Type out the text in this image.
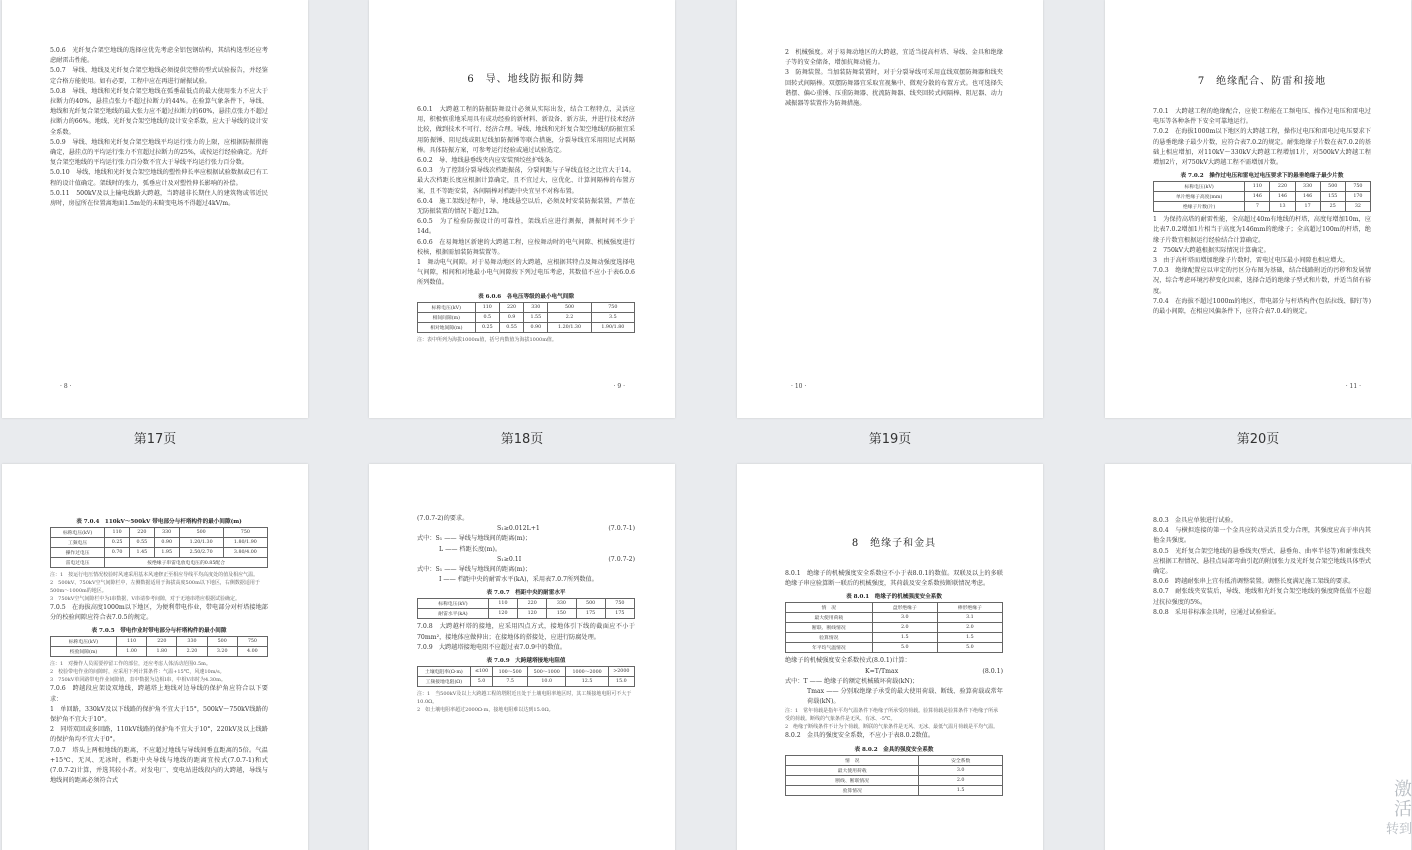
5.0.6　光纤复合架空地线的选择应优先考虑全铝包钢结构，其结构选型还应考虑耐雷击性能。
5.0.7　导线、地线及光纤复合架空地线必须提供完整的型式试验报告，并经鉴定合格方能使用。如有必要，工程中应在再进行耐振试验。
5.0.8　导线、地线和光纤复合架空地线在弧垂最低点的最大使用张力不应大于拉断力的40%，悬挂点张力不超过拉断力的44%。在验算气象条件下，导线、地线和光纤复合架空地线的最大张力应不超过拉断力的60%，悬挂点张力不超过拉断力的66%。地线、光纤复合架空地线的设计安全系数，应大于导线的设计安全系数。
5.0.9　导线、地线和光纤复合架空地线平均运行张力的上限，应根据防振措施确定，悬挂点的平均运行张力不宜超过拉断力的25%，或按运行经验确定。光纤复合架空地线的平均运行张力百分数不宜大于导线平均运行张力百分数。
5.0.10　导线、地线和光纤复合架空地线的塑性伸长率应根据试验数据或已有工程的设计值确定。架线时的张力，弧垂应计及对塑性伸长影响的补偿。
5.0.11　500kV及以上输电线路大跨越，当跨越非长期住人的建筑物或邻近民房时，房屋所在位置离地面1.5m处的未畸变电场不得超过4kV/m。
· 8 ·
第17页
6　导、地线防振和防舞
6.0.1　大跨越工程的防振防舞设计必须从实际出发，结合工程特点，灵活应用，积极慎重地采用具有成功经验的新材料、新设备、新方法，并进行技术经济比较，做到技术不可行、经济合理。导线、地线和光纤复合架空地线的防振宜采用防振锤、阻尼线或阻尼线加防振锤等联合措施，分裂导线宜采用阻尼式间隔棒。具体防振方案，可参考运行经验或通过试验选定。
6.0.2　导、地线悬垂线夹内应安装预绞丝护线条。
6.0.3　为了控制分裂导线次档距振荡，分裂间距与子导线直径之比宜大于14。最大次档距长度应根据计算确定，且不宜过大，应优化、计算间隔棒的布置方案，且不等距安装，各间隔棒对档距中央宜呈不对称布置。
6.0.4　施工架线过程中，导、地线悬空以后，必须及时安装防振装置，严禁在无防振装置的情况下超过12h。
6.0.5　为了检验防振设计的可靠性，架线后应进行测振，测振时间不少于14d。
6.0.6　在易舞地区新建的大跨越工程，应按舞动时的电气间隙、机械强度进行校核，根据需加装防舞装置等。
1　舞动电气间隙。对于易舞动地区的大跨越，应根据其特点及舞动强度选择电气间隙，相间和对地最小电气间隙按下列过电压考虑，其数值不应小于表6.0.6所列数值。
表 6.0.6　各电压等级的最小电气间隙
标称电压(kV)	110	220	330	500	750
相间间隙(m)	0.5	0.9	1.55	2.2	3.5
相对地间隙(m)	0.25	0.55	0.90	1.20/1.30	1.90/1.80
注：表中所列为海拔1000m值，括号内数值为海拔1000m值。
· 9 ·
第18页
2　机械强度。对于易舞动地区的大跨越，宜适当提高杆塔、导线、金具和绝缘子等的安全储备，增加抗舞动能力。
3　防舞装置。当加装防舞装置时，对于分裂导线可采用直线双摆防舞器和线夹回转式间隔棒。双摆防舞器宜采取宜视集中、微观分散的布置方式。也可选择失谐摆、偏心重锤、压重防舞器、扰流防舞器、线夹回转式间隔棒、阻尼器、动力减振器等装置作为防舞措施。
· 10 ·
第19页
7　绝缘配合、防雷和接地
7.0.1　大跨越工程的绝缘配合，应使工程能在工频电压、操作过电压和雷电过电压等各种条件下安全可靠地运行。
7.0.2　在海拔1000m以下地区的大跨越工程，操作过电压和雷电过电压要求下的悬垂绝缘子最少片数，应符合表7.0.2的规定。耐张绝缘子片数在表7.0.2的基础上相应增加，对110kV～330kV大跨越工程增加1片，对500kV大跨越工程增加2片，对750kV大跨越工程不需增加片数。
表 7.0.2　操作过电压和雷电过电压要求下的悬垂绝缘子最少片数
标称电压(kV)	110	220	330	500	750
单片绝缘子高度(mm)	146	146	146	155	170
绝缘子片数(片)	7	13	17	25	32
1　为保持高塔的耐雷性能，全高超过40m有地线的杆塔，高度每增加10m，应比表7.0.2增加1片相当于高度为146mm的绝缘子；全高超过100m的杆塔，绝缘子片数宜根据运行经验结合计算确定。
2　750kV大跨越根据实际情况计算确定。
3　由于高杆塔而增加绝缘子片数时，雷电过电压最小间隙也相应增大。
7.0.3　绝缘配置应以审定的污区分布图为基础，结合线路附近的污秽和发展情况，综合考虑环境污秽变化因素，选择合适的绝缘子型式和片数，并适当留有裕度。
7.0.4　在海拔不超过1000m的地区，带电部分与杆塔构件(包括拉线、脚钉等)的最小间隙，在相应风偏条件下，应符合表7.0.4的规定。
· 11 ·
第20页
表 7.0.4　110kV～500kV 带电部分与杆塔构件的最小间隙(m)
标称电压(kV)	110	220	330	500	750
工频电压	0.25	0.55	0.90	1.20/1.30	1.80/1.90
操作过电压	0.70	1.45	1.95	2.50/2.70	3.80/4.00
雷电过电压	按绝缘子串雷电放电电压的0.85配合				
注：1　按运行电压情况校验时风速采用基本风速修正至相应导线平均高度处的值及相应气温。
2　500kV、750kV空气间隙栏中，左侧数据适用于海拔高度500m以下地区，右侧数据适用于500m～1000m的地区。
3　750kV空气间隙栏中为I串数据，V串请参考间隙，对于无地串塔应根据试验确定。
7.0.5　在海拔高度1000m以下地区，为便利带电作业，带电部分对杆塔接地部分的校验间隙应符合表7.0.5的规定。
表 7.0.5　带电作业时带电部分与杆塔构件的最小间隙
标称电压(kV)	110	220	330	500	750
校验间隙(m)	1.00	1.80	2.20	3.20	4.00
注：1　对操作人员需要停留工作的部位，还应考虑人体活动范围0.5m。
2　校验带电作业的间隙时，应采用下列计算条件：气温+15℃，风速10m/s。
3　750kV单回路带电作业间隙值，表中数据为边相I串，中相V串时为4.30m。
7.0.6　跨越段应架设双地线，跨越塔上地线对边导线的保护角应符合以下要求：
1　单回路，330kV及以下线路的保护角不宜大于15°，500kV～750kV线路的保护角不宜大于10°。
2　同塔双回或多回路，110kV线路的保护角不宜大于10°，220kV及以上线路的保护角均不宜大于0°。
7.0.7　塔头上两根地线的距离，不应超过地线与导线间垂直距离的5倍。气温+15℃、无风、无冰时，档距中央导线与地线的距离宜按式(7.0.7-1)和式(7.0.7-2)计算，并选其较小者。对发电厂、变电站进线段内的大跨越，导线与地线间的距离必须符合式
(7.0.7-2)的要求。
S₁≥0.012L+1	(7.0.7-1)
式中：S₁ —— 导线与地线间的距离(m)；
L —— 档距长度(m)。
S₁≥0.1I	(7.0.7-2)
式中：S₁ —— 导线与地线间的距离(m)；
I —— 档距中央的耐雷水平(kA)，采用表7.0.7所列数值。
表 7.0.7　档距中央的耐雷水平
标称电压(kV)	110	220	330	500	750
耐雷水平(kA)	120	120	150	175	175
7.0.8　大跨越杆塔的接地，应采用四点方式，接地体引下线的截面应不小于70mm²，接地体应做伸出；在接地体的搭接处，应进行防腐处理。
7.0.9　大跨越塔接地电阻不应超过表7.0.9中的数值。
表 7.0.9　大跨越塔接地电阻值
土壤电阻率(Ω·m)	≤100	100～500	500～1000	1000～2000	>2000
工频接地电阻(Ω)	5.0	7.5	10.0	12.5	15.0
注：1　当500kV及以上大跨越工程的塔附近且处于土壤电阻率地区时，其工频接地电阻可不大于10.0Ω。
2　如土壤电阻率超过2000Ω·m，接地电阻难以达到15.0Ω。
8　绝缘子和金具
8.0.1　绝缘子的机械强度安全系数应不小于表8.0.1的数值。双联及以上的多联绝缘子串应验算断一联后的机械强度，其荷载及安全系数按断联情况考虑。
表 8.0.1　绝缘子的机械强度安全系数
情　况	盘形绝缘子	棒形绝缘子
最大使用荷载	3.0	3.1
断联、断线情况	2.0	2.0
验算情况	1.5	1.5
年平均气温情况	5.0	5.0
绝缘子的机械强度安全系数按式(8.0.1)计算：
K=T/Tmax	(8.0.1)
式中：T —— 绝缘子的额定机械破坏荷载(kN)；
Tmax —— 分别取绝缘子承受的最大使用荷载、断线、验算荷载或常年荷载(kN)。
注：1　常年荷载是指年平均气温条件下绝缘子所承受的荷载。验算荷载是验算条件下绝缘子所承受的荷载。断线的气象条件是无风、有冰、-5℃。
2　绝缘子断线条件不计为个荷载，断联的气象条件是无风、无冰、最低气温月荷载是平均气温。
8.0.2　金具的强度安全系数，不应小于表8.0.2数值。
表 8.0.2　金具的强度安全系数
情　况	安全系数
最大使用荷载	3.0
断线、断联情况	2.0
验算情况	1.5
8.0.3　金具应单独进行试验。
8.0.4　与横担连接的第一个金具应转动灵活且受力合理，其强度应高于串内其他金具强度。
8.0.5　光纤复合架空地线的悬垂线夹(型式、悬垂角、曲率半径等)和耐张线夹应根据工程情况、悬挂点局部弯曲引起的附加张力及光纤复合架空地线具体型式确定。
8.0.6　跨越耐张串上宜有抵消调整装置。调整长度满足施工架线的要求。
8.0.7　耐张线夹安装后，导线、地线和光纤复合架空地线的强度降低值不应超过抗拉强度的5%。
8.0.8　采用非标准金具时，应通过试验验证。
激活
转到
